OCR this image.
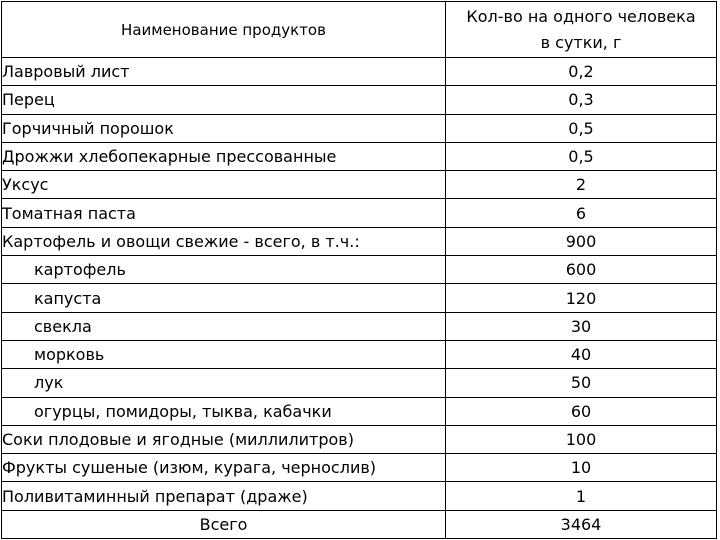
Наименование продуктов	Кол-во на одного человека
в сутки, г

Лавровый лист	0,2
Перец	0,3
Горчичный порошок	0,5
Дрожжи хлебопекарные прессованные	0,5
Уксус	2
Томатная паста	6
Картофель и овощи свежие - всего, в т.ч.:	900
картофель	600
капуста	120
свекла	30
морковь	40
лук	50
огурцы, помидоры, тыква, кабачки	60
Соки плодовые и ягодные (миллилитров)	100
Фрукты сушеные (изюм, курага, чернослив)	10
Поливитаминный препарат (драже)	1
Всего	3464
